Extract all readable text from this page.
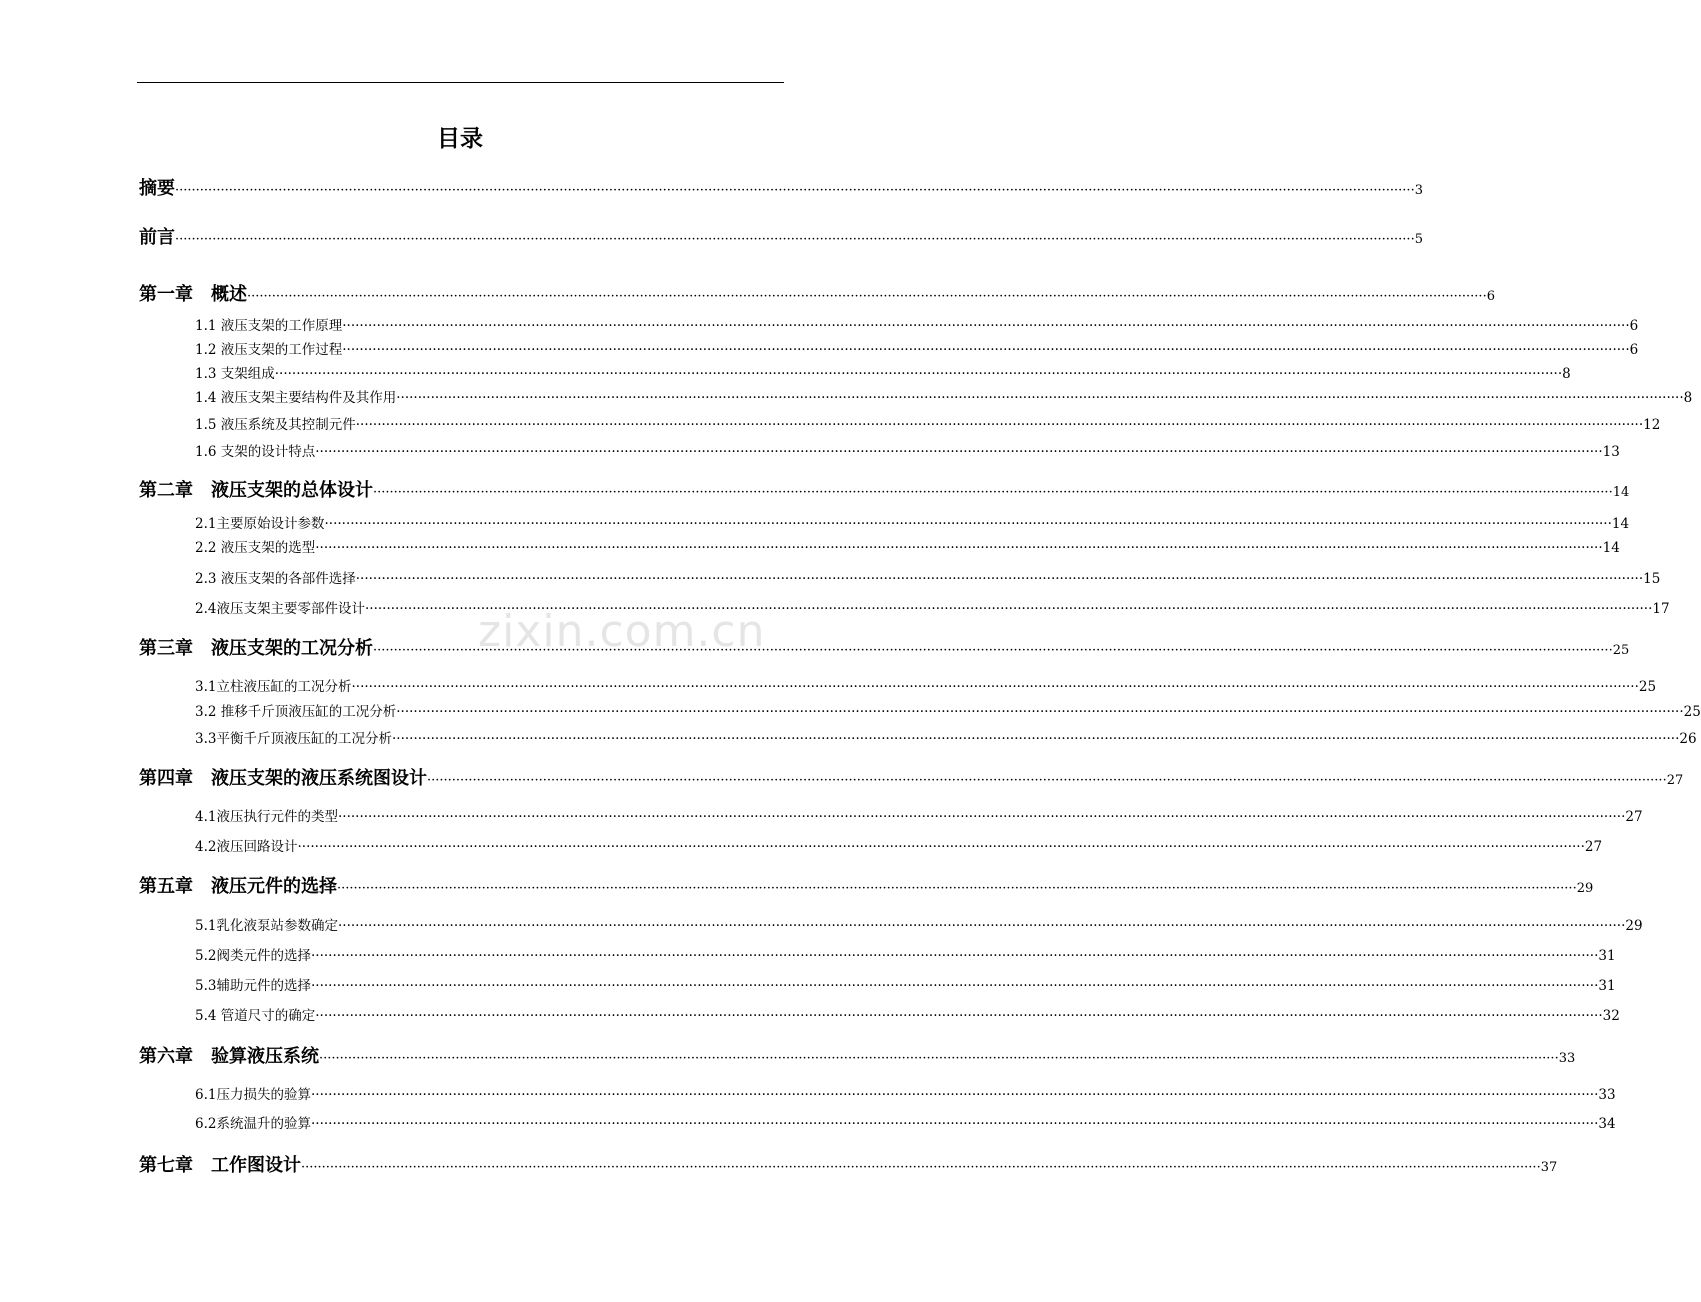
目录
摘要 ············································································································································································································································································································ 3
前言 ············································································································································································································································································································ 5
第一章　概述 ············································································································································································································································································································ 6
1.1 液压支架的工作原理 ············································································································································································································································································································ 6
1.2 液压支架的工作过程 ············································································································································································································································································································ 6
1.3 支架组成 ············································································································································································································································································································ 8
1.4 液压支架主要结构件及其作用 ············································································································································································································································································································ 8
1.5 液压系统及其控制元件 ············································································································································································································································································································ 12
1.6 支架的设计特点 ············································································································································································································································································································ 13
第二章　液压支架的总体设计 ············································································································································································································································································································ 14
2.1主要原始设计参数 ············································································································································································································································································································ 14
2.2 液压支架的选型 ············································································································································································································································································································ 14
2.3 液压支架的各部件选择 ············································································································································································································································································································ 15
2.4液压支架主要零部件设计 ············································································································································································································································································································ 17
第三章　液压支架的工况分析 ············································································································································································································································································································ 25
3.1立柱液压缸的工况分析 ············································································································································································································································································································ 25
3.2 推移千斤顶液压缸的工况分析 ············································································································································································································································································································ 25
3.3平衡千斤顶液压缸的工况分析 ············································································································································································································································································································ 26
第四章　液压支架的液压系统图设计 ············································································································································································································································································································ 27
4.1液压执行元件的类型 ············································································································································································································································································································ 27
4.2液压回路设计 ············································································································································································································································································································ 27
第五章　液压元件的选择 ············································································································································································································································································································ 29
5.1乳化液泵站参数确定 ············································································································································································································································································································ 29
5.2阀类元件的选择 ············································································································································································································································································································ 31
5.3辅助元件的选择 ············································································································································································································································································································ 31
5.4 管道尺寸的确定 ············································································································································································································································································································ 32
第六章　验算液压系统 ············································································································································································································································································································ 33
6.1压力损失的验算 ············································································································································································································································································································ 33
6.2系统温升的验算 ············································································································································································································································································································ 34
第七章　工作图设计 ············································································································································································································································································································ 37
zixin.com.cn
